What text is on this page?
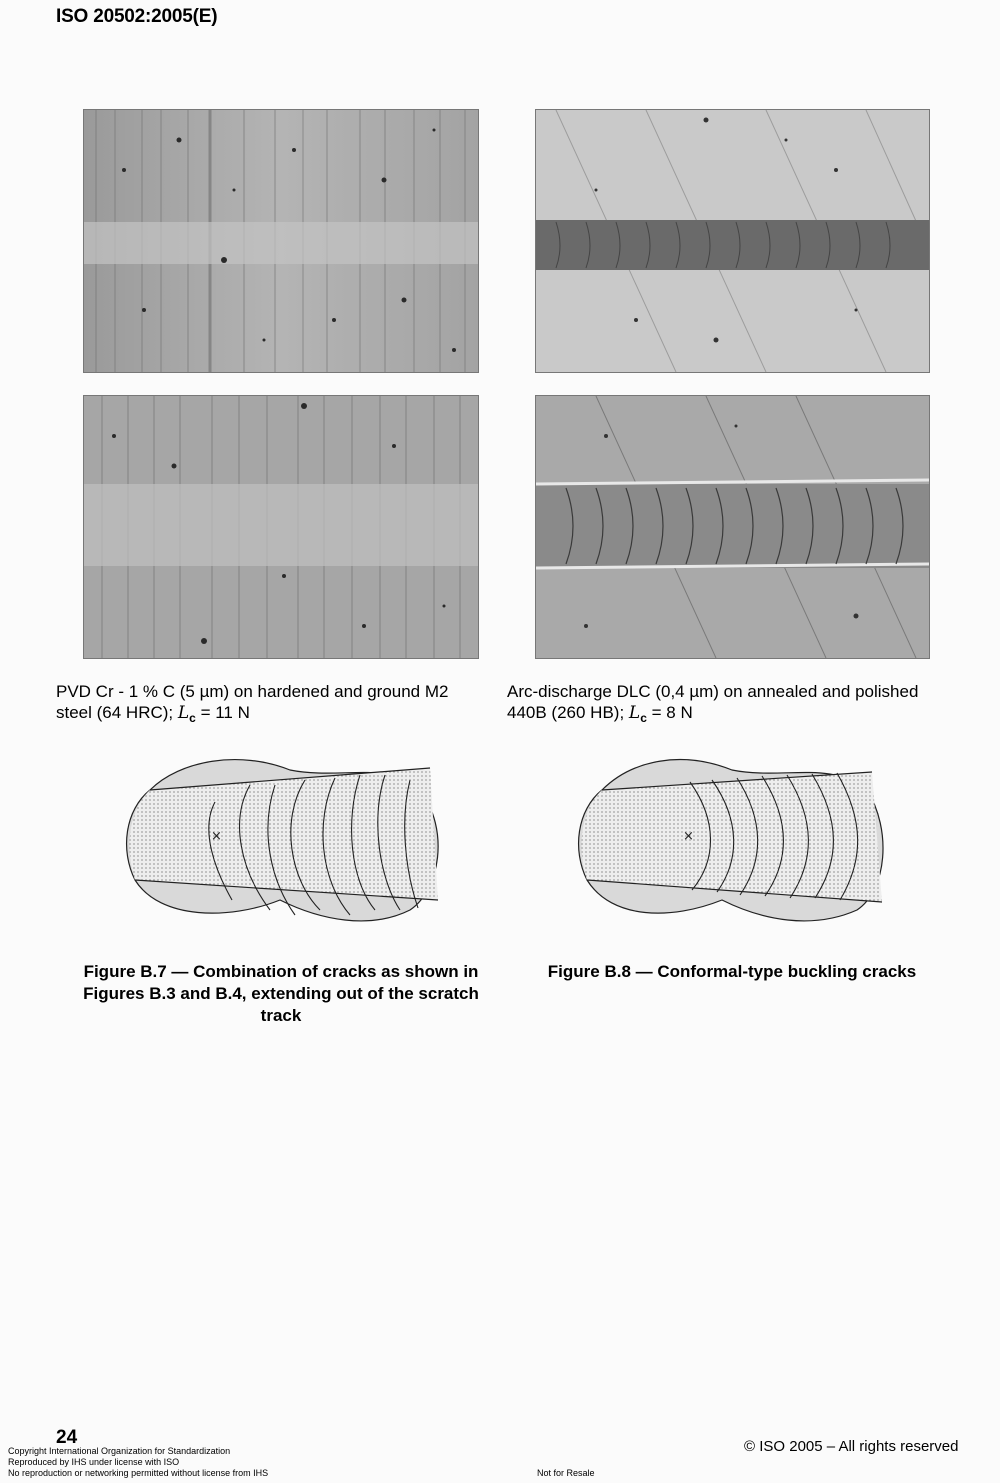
ISO 20502:2005(E)
PVD Cr - 1 % C (5 µm) on hardened and ground M2
steel (64 HRC); $L_c = 11$ N
Arc-discharge DLC (0,4 µm) on annealed and polished
440B (260 HB); $L_c = 8$ N
×	×
Figure B.7 — Combination of cracks as shown in
Figures B.3 and B.4, extending out of the scratch
track
Figure B.8 — Conformal-type buckling cracks
24
Copyright International Organization for Standardization
Reproduced by IHS under license with ISO
No reproduction or networking permitted without license from IHS
© ISO 2005 – All rights reserved
Not for Resale
